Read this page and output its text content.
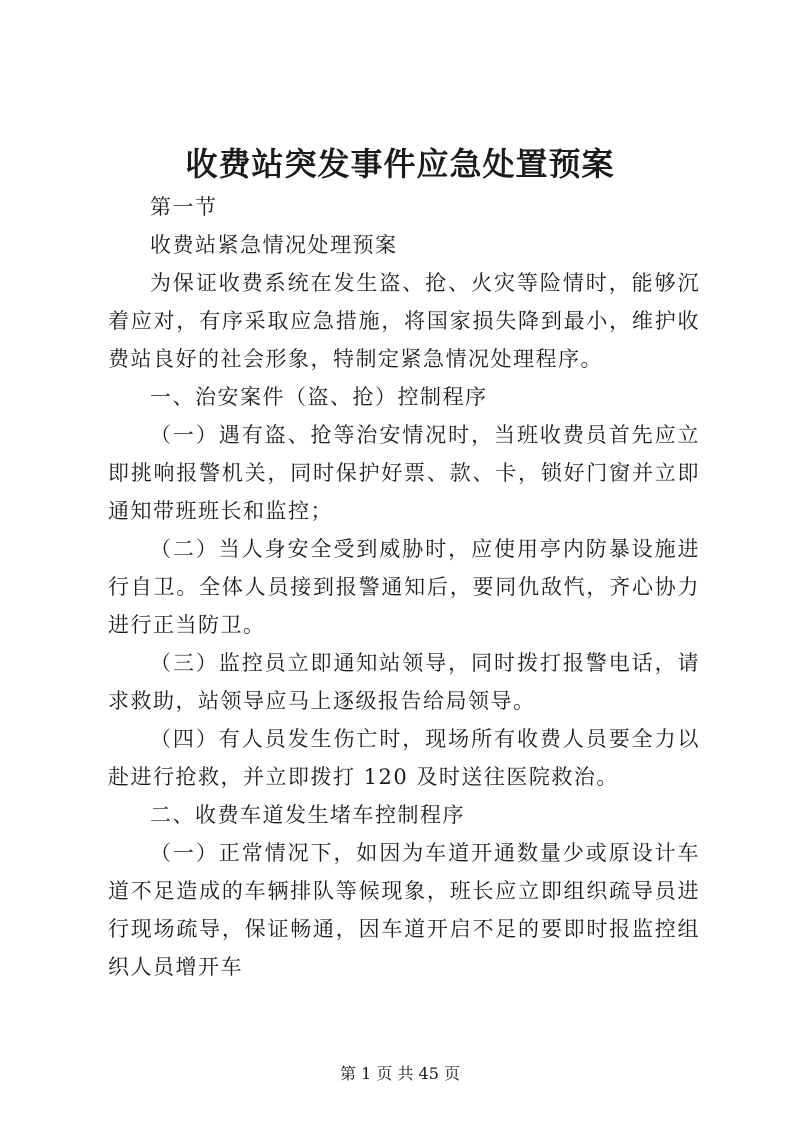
收费站突发事件应急处置预案

第一节

收费站紧急情况处理预案

为保证收费系统在发生盗、抢、火灾等险情时，能够沉着应对，有序采取应急措施，将国家损失降到最小，维护收费站良好的社会形象，特制定紧急情况处理程序。

一、治安案件（盗、抢）控制程序

（一）遇有盗、抢等治安情况时，当班收费员首先应立即挑响报警机关，同时保护好票、款、卡，锁好门窗并立即通知带班班长和监控；

（二）当人身安全受到威胁时，应使用亭内防暴设施进行自卫。全体人员接到报警通知后，要同仇敌忾，齐心协力进行正当防卫。

（三）监控员立即通知站领导，同时拨打报警电话，请求救助，站领导应马上逐级报告给局领导。

（四）有人员发生伤亡时，现场所有收费人员要全力以赴进行抢救，并立即拨打 120 及时送往医院救治。

二、收费车道发生堵车控制程序

（一）正常情况下，如因为车道开通数量少或原设计车道不足造成的车辆排队等候现象，班长应立即组织疏导员进行现场疏导，保证畅通，因车道开启不足的要即时报监控组织人员增开车

第 1 页 共 45 页
